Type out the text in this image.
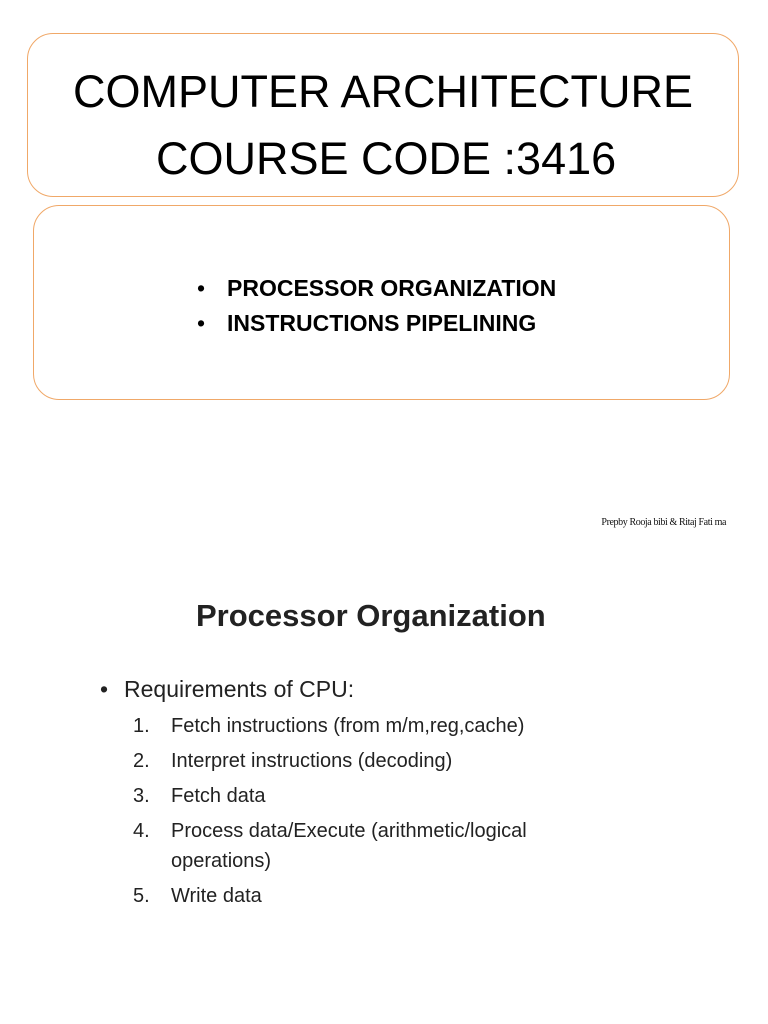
COMPUTER ARCHITECTURE
COURSE CODE :3416
• PROCESSOR ORGANIZATION
• INSTRUCTIONS PIPELINING
Prepby Rooja bibi & Ritaj Fati ma
Processor Organization
• Requirements of CPU:
1. Fetch instructions (from m/m,reg,cache)
2. Interpret instructions (decoding)
3. Fetch data
4. Process data/Execute (arithmetic/logical
operations)
5. Write data
